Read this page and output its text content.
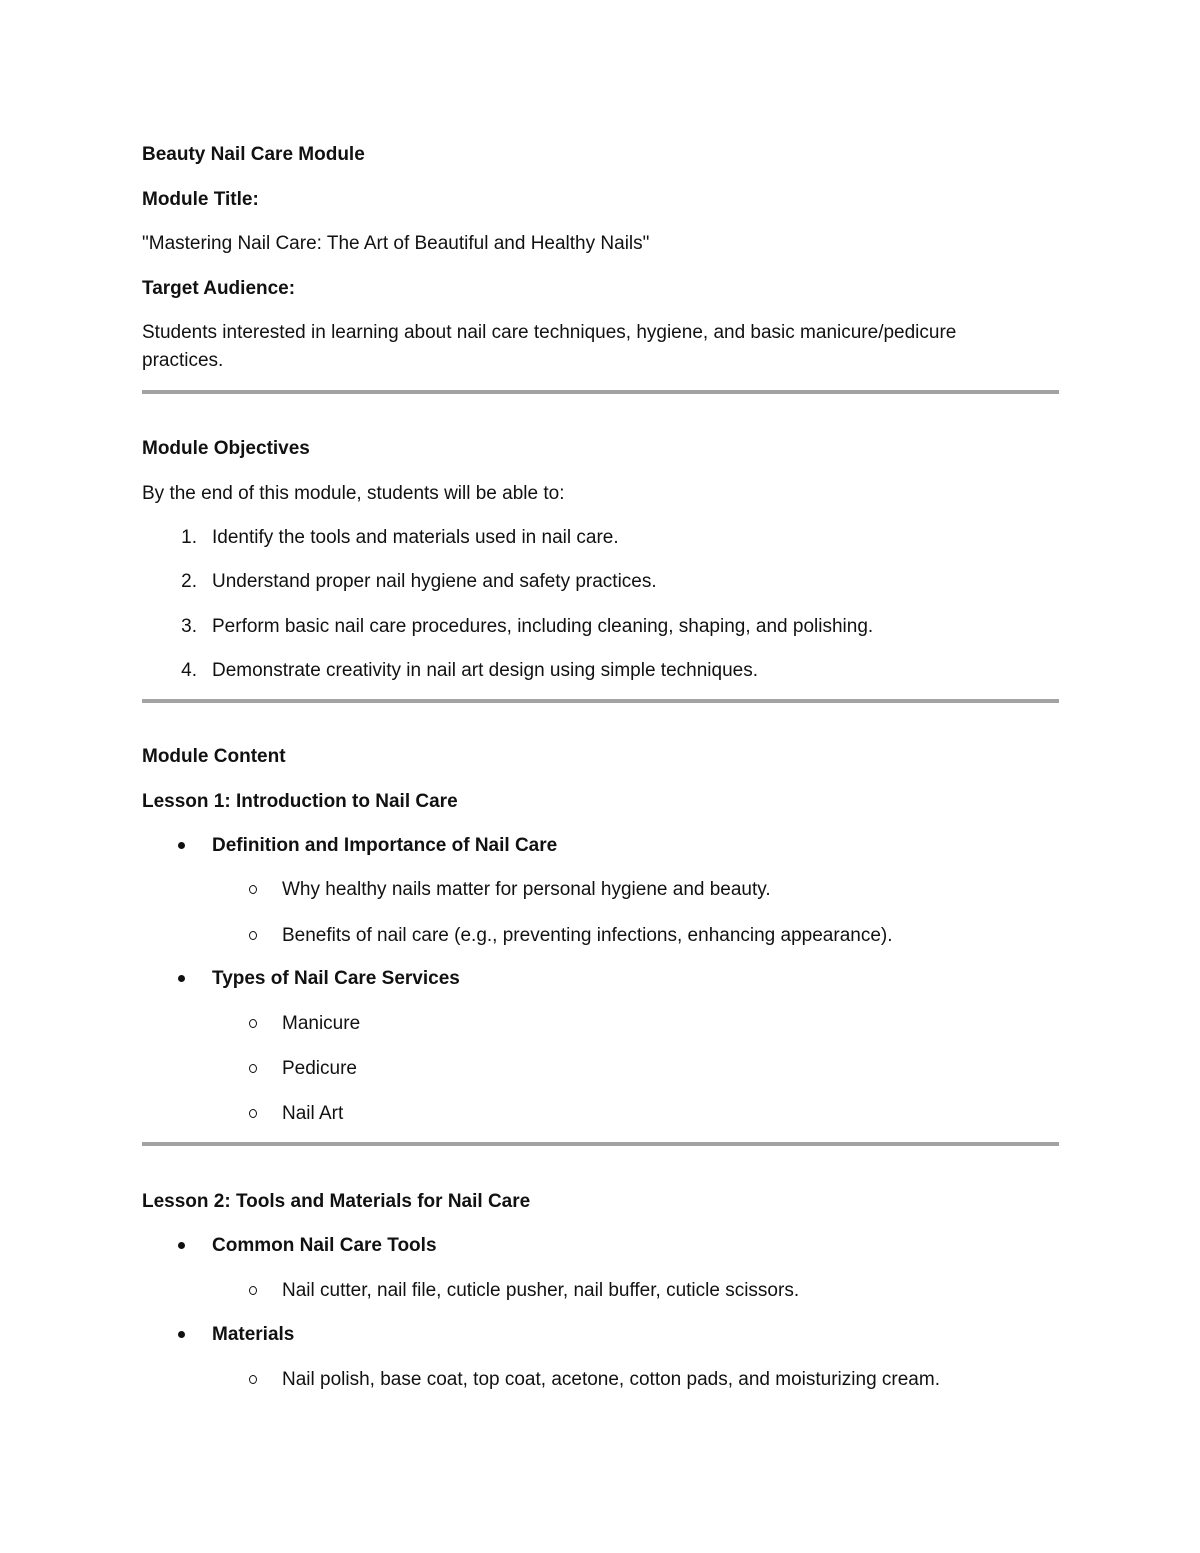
Beauty Nail Care Module
Module Title:
"Mastering Nail Care: The Art of Beautiful and Healthy Nails"
Target Audience:
Students interested in learning about nail care techniques, hygiene, and basic manicure/pedicure practices.
Module Objectives
By the end of this module, students will be able to:
1. Identify the tools and materials used in nail care.
2. Understand proper nail hygiene and safety practices.
3. Perform basic nail care procedures, including cleaning, shaping, and polishing.
4. Demonstrate creativity in nail art design using simple techniques.
Module Content
Lesson 1: Introduction to Nail Care
Definition and Importance of Nail Care
Why healthy nails matter for personal hygiene and beauty.
Benefits of nail care (e.g., preventing infections, enhancing appearance).
Types of Nail Care Services
Manicure
Pedicure
Nail Art
Lesson 2: Tools and Materials for Nail Care
Common Nail Care Tools
Nail cutter, nail file, cuticle pusher, nail buffer, cuticle scissors.
Materials
Nail polish, base coat, top coat, acetone, cotton pads, and moisturizing cream.
